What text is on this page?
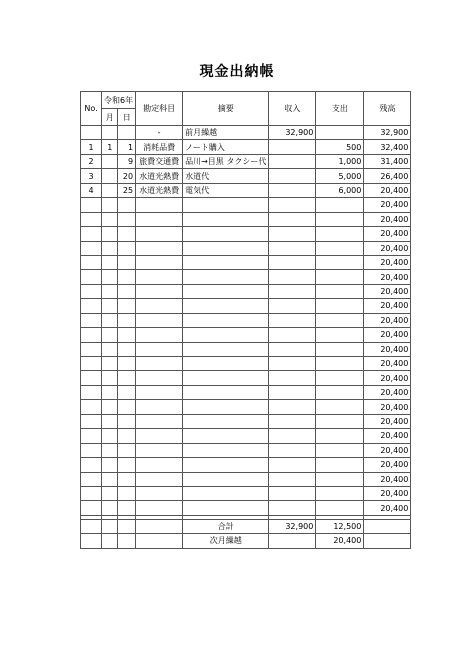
現金出納帳
No.	令和6年		勘定科目	摘要	収入	支出	残高
	月	日					
			-	前月繰越	32,900		32,900
1	1	1	消耗品費	ノート購入		500	32,400
2		9	旅費交通費	品川→目黒 タクシー代		1,000	31,400
3		20	水道光熱費	水道代		5,000	26,400
4		25	水道光熱費	電気代		6,000	20,400
							20,400
							20,400
							20,400
							20,400
							20,400
							20,400
							20,400
							20,400
							20,400
							20,400
							20,400
							20,400
							20,400
							20,400
							20,400
							20,400
							20,400
							20,400
							20,400
							20,400
							20,400
							20,400

				合計	32,900	12,500	
				次月繰越		20,400	
